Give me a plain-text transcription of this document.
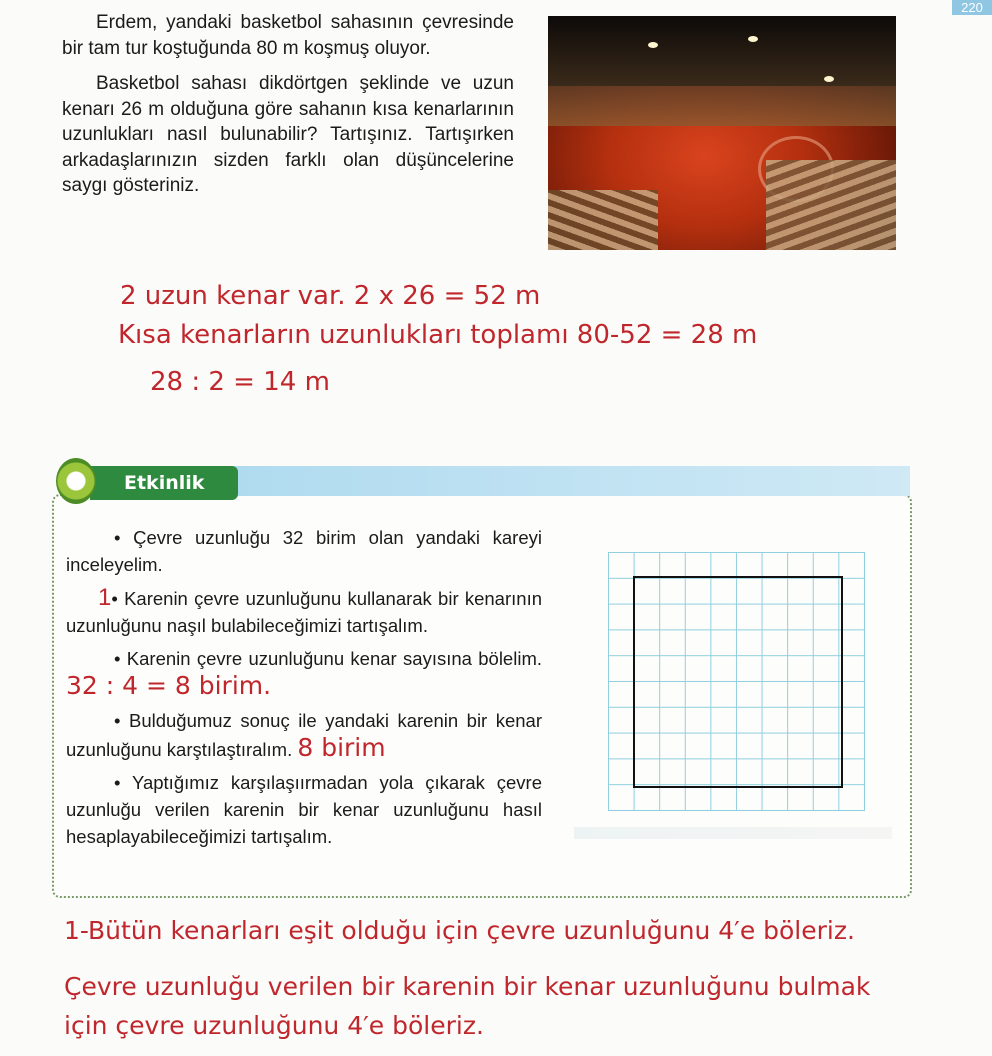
220

Erdem, yandaki basketbol sahasının çevresinde bir tam tur koştuğunda 80 m koşmuş oluyor.

Basketbol sahası dikdörtgen şeklinde ve uzun kenarı 26 m olduğuna göre sahanın kısa kenarlarının uzunlukları nasıl bulunabilir? Tartışınız. Tartışırken arkadaşlarınızın sizden farklı olan düşüncelerine saygı gösteriniz.

2 uzun kenar var. 2 x 26 = 52 m
Kısa kenarların uzunlukları toplamı 80-52 = 28 m
28 : 2 = 14 m
Etkinlik

• Çevre uzunluğu 32 birim olan yandaki kareyi inceleyelim.

1• Karenin çevre uzunluğunu kullanarak bir kenarının uzunluğunu naşıl bulabileceğimizi tartışalım.

• Karenin çevre uzunluğunu kenar sayısına bölelim. 32 : 4 = 8 birim.

• Bulduğumuz sonuç ile yandaki karenin bir kenar uzunluğunu karştılaştıralım. 8 birim

• Yaptığımız karşılaşıırmadan yola çıkarak çevre uzunluğu verilen karenin bir kenar uzunluğunu hasıl hesaplayabileceğimizi tartışalım.

1-Bütün kenarları eşit olduğu için çevre uzunluğunu 4′e böleriz.
Çevre uzunluğu verilen bir karenin bir kenar uzunluğunu bulmak
için çevre uzunluğunu 4′e böleriz.
